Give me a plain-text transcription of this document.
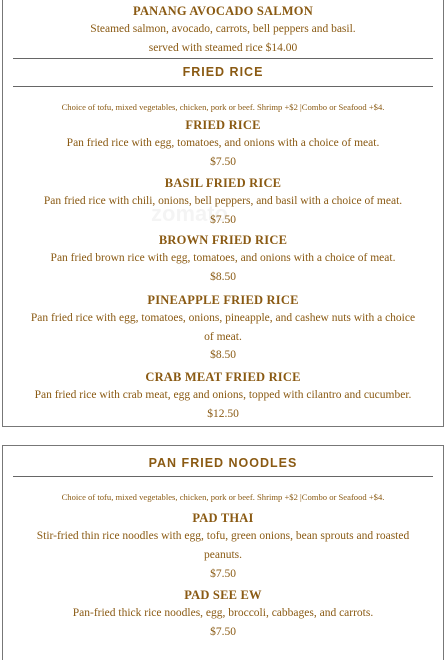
PANANG AVOCADO SALMON
Steamed salmon, avocado, carrots, bell peppers and basil.
served with steamed rice $14.00
FRIED RICE
Choice of tofu, mixed vegetables, chicken, pork or beef. Shrimp +$2 |Combo or Seafood +$4.
FRIED RICE
Pan fried rice with egg, tomatoes, and onions with a choice of meat.
$7.50
BASIL FRIED RICE
Pan fried rice with chili, onions, bell peppers, and basil with a choice of meat.
$7.50
BROWN FRIED RICE
Pan fried brown rice with egg, tomatoes, and onions with a choice of meat.
$8.50
PINEAPPLE FRIED RICE
Pan fried rice with egg, tomatoes, onions, pineapple, and cashew nuts with a choice
of meat.
$8.50
CRAB MEAT FRIED RICE
Pan fried rice with crab meat, egg and onions, topped with cilantro and cucumber.
$12.50
PAN FRIED NOODLES
Choice of tofu, mixed vegetables, chicken, pork or beef. Shrimp +$2 |Combo or Seafood +$4.
PAD THAI
Stir-fried thin rice noodles with egg, tofu, green onions, bean sprouts and roasted
peanuts.
$7.50
PAD SEE EW
Pan-fried thick rice noodles, egg, broccoli, cabbages, and carrots.
$7.50
